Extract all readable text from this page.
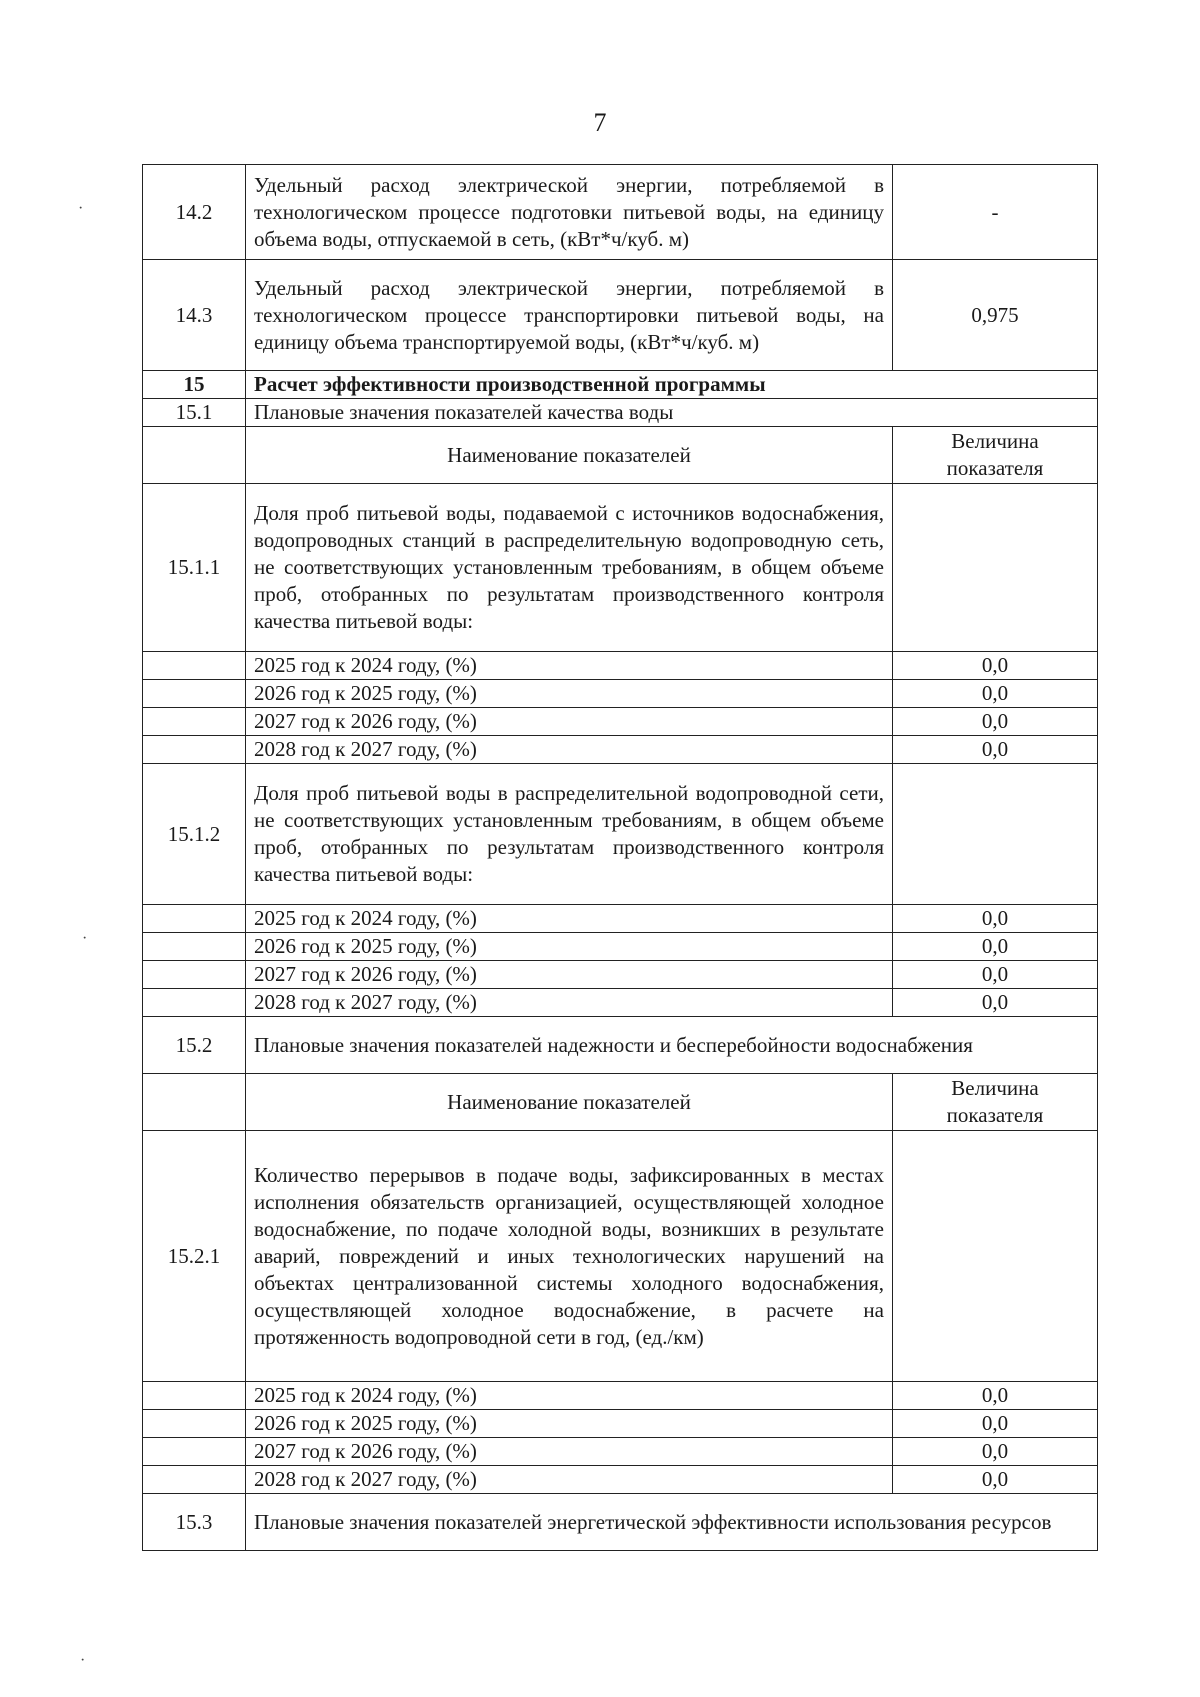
7
14.2	Удельный расход электрической энергии, потребляемой в технологическом процессе подготовки питьевой воды, на единицу объема воды, отпускаемой в сеть, (кВт*ч/куб. м)	-
14.3	Удельный расход электрической энергии, потребляемой в технологическом процессе транспортировки питьевой воды, на единицу объема транспортируемой воды, (кВт*ч/куб. м)	0,975
15	Расчет эффективности производственной программы	
15.1	Плановые значения показателей качества воды	
	Наименование показателей	Величина показателя
15.1.1	Доля проб питьевой воды, подаваемой с источников водоснабжения, водопроводных станций в распределительную водопроводную сеть, не соответствующих установленным требованиям, в общем объеме проб, отобранных по результатам производственного контроля качества питьевой воды:	
	2025 год к 2024 году, (%)	0,0
	2026 год к 2025 году, (%)	0,0
	2027 год к 2026 году, (%)	0,0
	2028 год к 2027 году, (%)	0,0
15.1.2	Доля проб питьевой воды в распределительной водопроводной сети, не соответствующих установленным требованиям, в общем объеме проб, отобранных по результатам производственного контроля качества питьевой воды:	
	2025 год к 2024 году, (%)	0,0
	2026 год к 2025 году, (%)	0,0
	2027 год к 2026 году, (%)	0,0
	2028 год к 2027 году, (%)	0,0
15.2	Плановые значения показателей надежности и бесперебойности водоснабжения	
	Наименование показателей	Величина показателя
15.2.1	Количество перерывов в подаче воды, зафиксированных в местах исполнения обязательств организацией, осуществляющей холодное водоснабжение, по подаче холодной воды, возникших в результате аварий, повреждений и иных технологических нарушений на объектах централизованной системы холодного водоснабжения, осуществляющей холодное водоснабжение, в расчете на протяженность водопроводной сети в год, (ед./км)	
	2025 год к 2024 году, (%)	0,0
	2026 год к 2025 году, (%)	0,0
	2027 год к 2026 году, (%)	0,0
	2028 год к 2027 году, (%)	0,0
15.3	Плановые значения показателей энергетической эффективности использования ресурсов	
·
·
·
